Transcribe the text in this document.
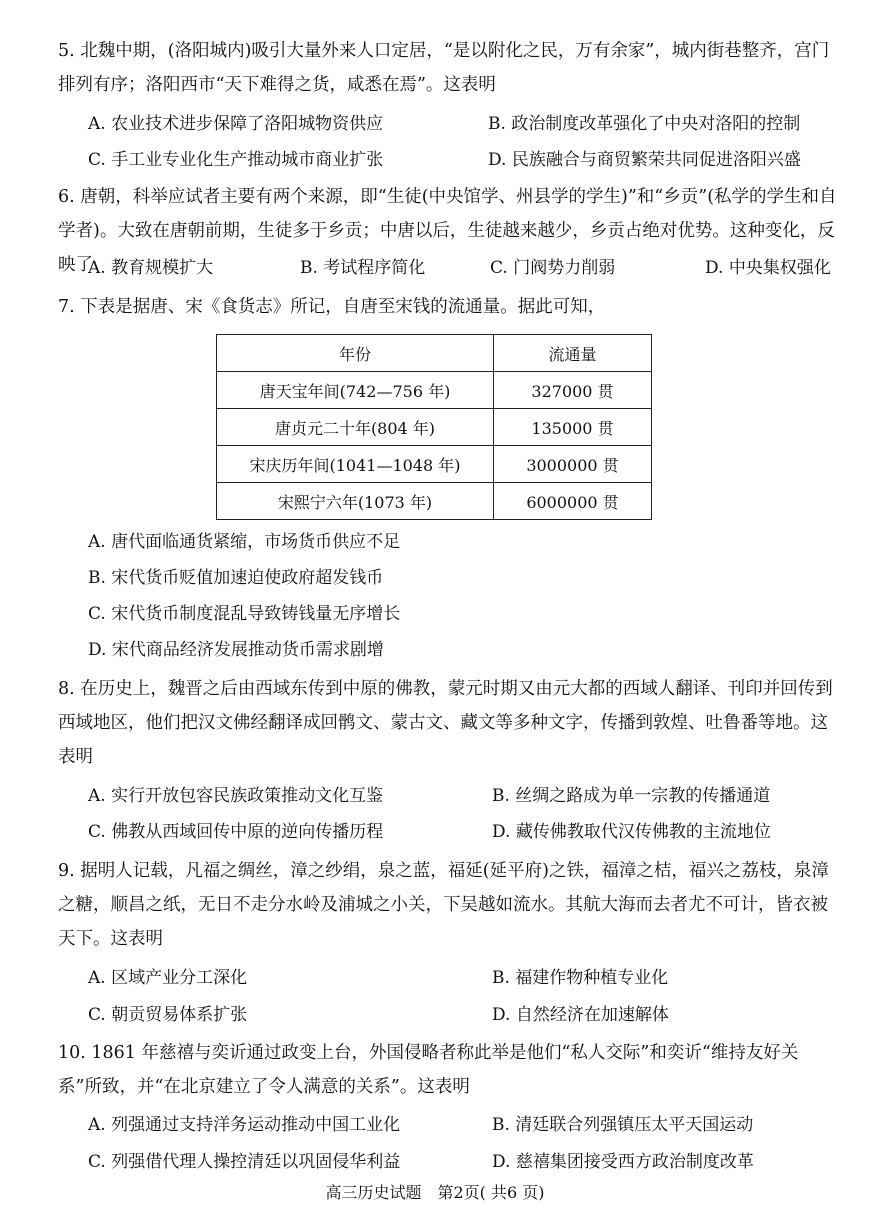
5. 北魏中期，(洛阳城内)吸引大量外来人口定居，“是以附化之民，万有余家”，城内街巷整齐，宫门排列有序；洛阳西市“天下难得之货，咸悉在焉”。这表明

A. 农业技术进步保障了洛阳城物资供应	B. 政治制度改革强化了中央对洛阳的控制
C. 手工业专业化生产推动城市商业扩张	D. 民族融合与商贸繁荣共同促进洛阳兴盛

6. 唐朝，科举应试者主要有两个来源，即“生徒(中央馆学、州县学的学生)”和“乡贡”(私学的学生和自学者)。大致在唐朝前期，生徒多于乡贡；中唐以后，生徒越来越少，乡贡占绝对优势。这种变化，反映了

A. 教育规模扩大	B. 考试程序简化	C. 门阀势力削弱	D. 中央集权强化

7. 下表是据唐、宋《食货志》所记，自唐至宋钱的流通量。据此可知，

年份	流通量
唐天宝年间(742—756 年)	327000 贯
唐贞元二十年(804 年)	135000 贯
宋庆历年间(1041—1048 年)	3000000 贯
宋熙宁六年(1073 年)	6000000 贯
A. 唐代面临通货紧缩，市场货币供应不足
B. 宋代货币贬值加速迫使政府超发钱币
C. 宋代货币制度混乱导致铸钱量无序增长
D. 宋代商品经济发展推动货币需求剧增

8. 在历史上，魏晋之后由西域东传到中原的佛教，蒙元时期又由元大都的西域人翻译、刊印并回传到西域地区，他们把汉文佛经翻译成回鹘文、蒙古文、藏文等多种文字，传播到敦煌、吐鲁番等地。这表明

A. 实行开放包容民族政策推动文化互鉴	B. 丝绸之路成为单一宗教的传播通道
C. 佛教从西域回传中原的逆向传播历程	D. 藏传佛教取代汉传佛教的主流地位

9. 据明人记载，凡福之绸丝，漳之纱绢，泉之蓝，福延(延平府)之铁，福漳之桔，福兴之荔枝，泉漳之糖，顺昌之纸，无日不走分水岭及浦城之小关，下吴越如流水。其航大海而去者尤不可计，皆衣被天下。这表明

A. 区域产业分工深化	B. 福建作物种植专业化
C. 朝贡贸易体系扩张	D. 自然经济在加速解体

10. 1861 年慈禧与奕䜣通过政变上台，外国侵略者称此举是他们“私人交际”和奕䜣“维持友好关系”所致，并“在北京建立了令人满意的关系”。这表明

A. 列强通过支持洋务运动推动中国工业化	B. 清廷联合列强镇压太平天国运动
C. 列强借代理人操控清廷以巩固侵华利益	D. 慈禧集团接受西方政治制度改革
高三历史试题　第2页( 共6 页)
